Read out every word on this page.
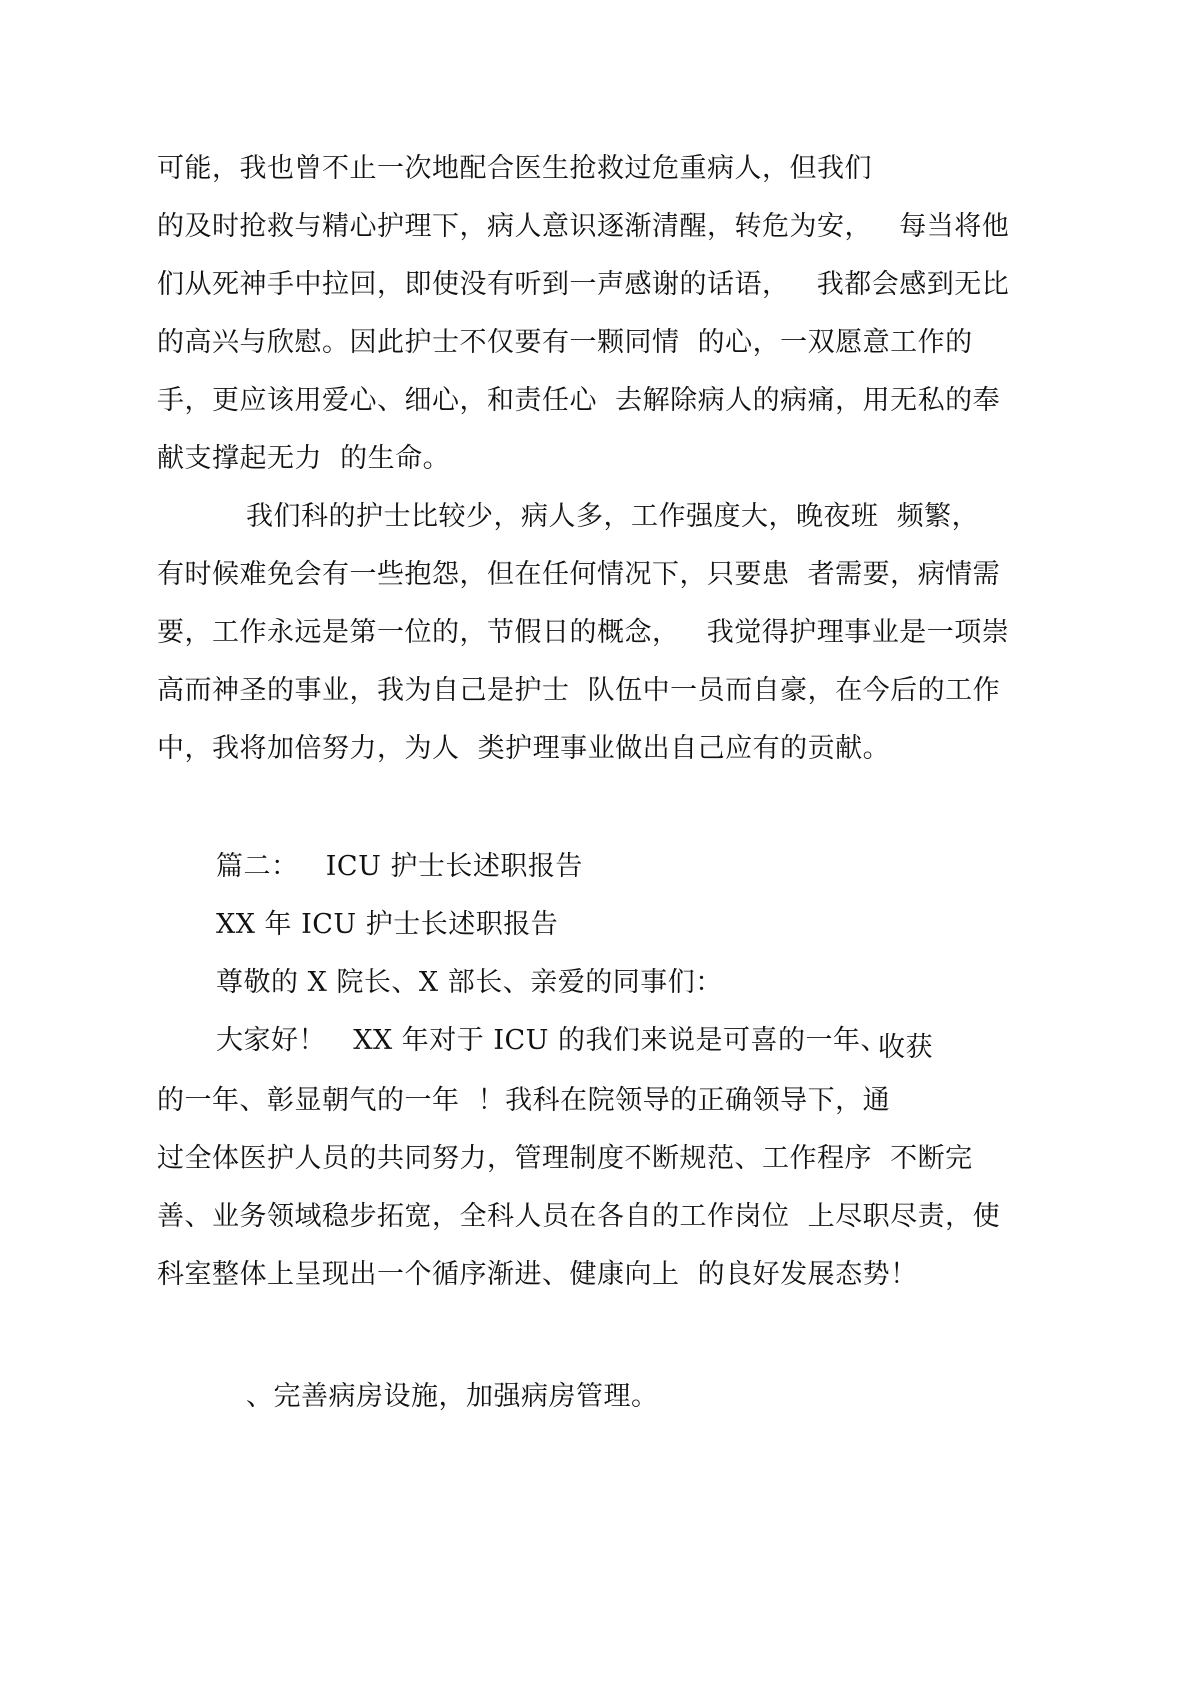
可能，我也曾不止一次地配合医生抢救过危重病人，但我们
的及时抢救与精心护理下，病人意识逐渐清醒，转危为安，   每当将他
们从死神手中拉回，即使没有听到一声感谢的话语，   我都会感到无比
的高兴与欣慰。因此护士不仅要有一颗同情  的心，一双愿意工作的
手，更应该用爱心、细心，和责任心  去解除病人的病痛，用无私的奉
献支撑起无力  的生命。
我们科的护士比较少，病人多，工作强度大，晚夜班  频繁，
有时候难免会有一些抱怨，但在任何情况下，只要患  者需要，病情需
要，工作永远是第一位的，节假日的概念，   我觉得护理事业是一项崇
高而神圣的事业，我为自己是护士  队伍中一员而自豪，在今后的工作
中，我将加倍努力，为人  类护理事业做出自己应有的贡献。
篇二：   ICU 护士长述职报告
XX 年 ICU 护士长述职报告
尊敬的 X 院长、X 部长、亲爱的同事们：
大家好！   XX 年对于 ICU 的我们来说是可喜的一年、
收获
的一年、彰显朝气的一年  ！我科在院领导的正确领导下，通
过全体医护人员的共同努力，管理制度不断规范、工作程序  不断完
善、业务领域稳步拓宽，全科人员在各自的工作岗位  上尽职尽责，使
科室整体上呈现出一个循序渐进、健康向上  的良好发展态势！
、完善病房设施，加强病房管理。
